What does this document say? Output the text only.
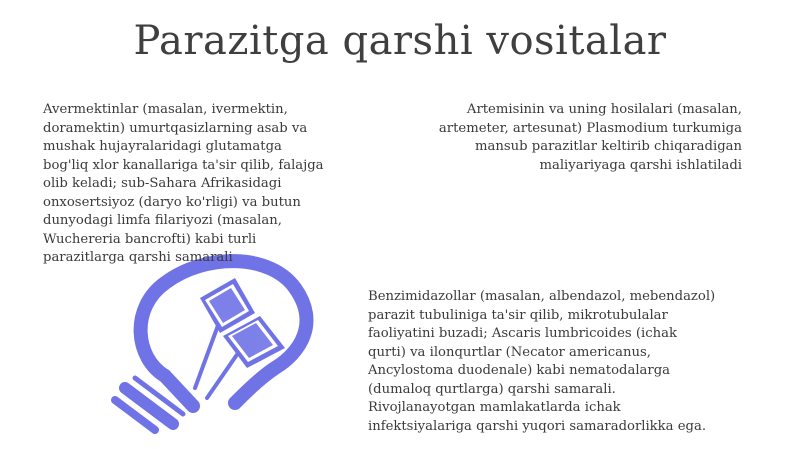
Parazitga qarshi vositalar
Avermektinlar (masalan, ivermektin,
doramektin) umurtqasizlarning asab va
mushak hujayralaridagi glutamatga
bog'liq xlor kanallariga ta'sir qilib, falajga
olib keladi; sub-Sahara Afrikasidagi
onxosertsiyoz (daryo ko'rligi) va butun
dunyodagi limfa filariyozi (masalan,
Wuchereria bancrofti) kabi turli
parazitlarga qarshi samarali
Artemisinin va uning hosilalari (masalan,
artemeter, artesunat) Plasmodium turkumiga
mansub parazitlar keltirib chiqaradigan
maliyariyaga qarshi ishlatiladi
Benzimidazollar (masalan, albendazol, mebendazol)
parazit tubuliniga ta'sir qilib, mikrotubulalar
faoliyatini buzadi; Ascaris lumbricoides (ichak
qurti) va ilonqurtlar (Necator americanus,
Ancylostoma duodenale) kabi nematodalarga
(dumaloq qurtlarga) qarshi samarali.
Rivojlanayotgan mamlakatlarda ichak
infektsiyalariga qarshi yuqori samaradorlikka ega.
